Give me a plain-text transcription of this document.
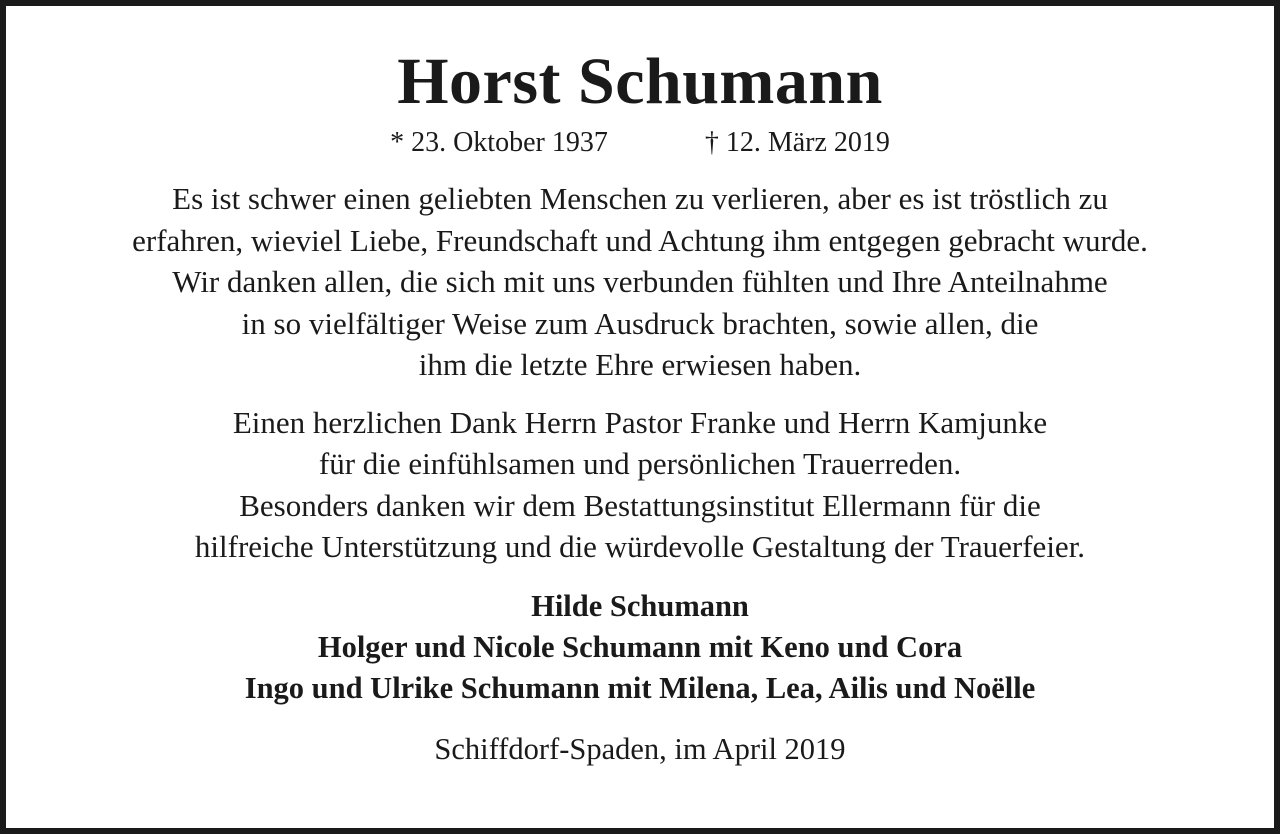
Horst Schumann
* 23. Oktober 1937	† 12. März 2019
Es ist schwer einen geliebten Menschen zu verlieren, aber es ist tröstlich zu
erfahren, wieviel Liebe, Freundschaft und Achtung ihm entgegen gebracht wurde.
Wir danken allen, die sich mit uns verbunden fühlten und Ihre Anteilnahme
in so vielfältiger Weise zum Ausdruck brachten, sowie allen, die
ihm die letzte Ehre erwiesen haben.
Einen herzlichen Dank Herrn Pastor Franke und Herrn Kamjunke
für die einfühlsamen und persönlichen Trauerreden.
Besonders danken wir dem Bestattungsinstitut Ellermann für die
hilfreiche Unterstützung und die würdevolle Gestaltung der Trauerfeier.
Hilde Schumann
Holger und Nicole Schumann mit Keno und Cora
Ingo und Ulrike Schumann mit Milena, Lea, Ailis und Noëlle
Schiffdorf-Spaden, im April 2019
